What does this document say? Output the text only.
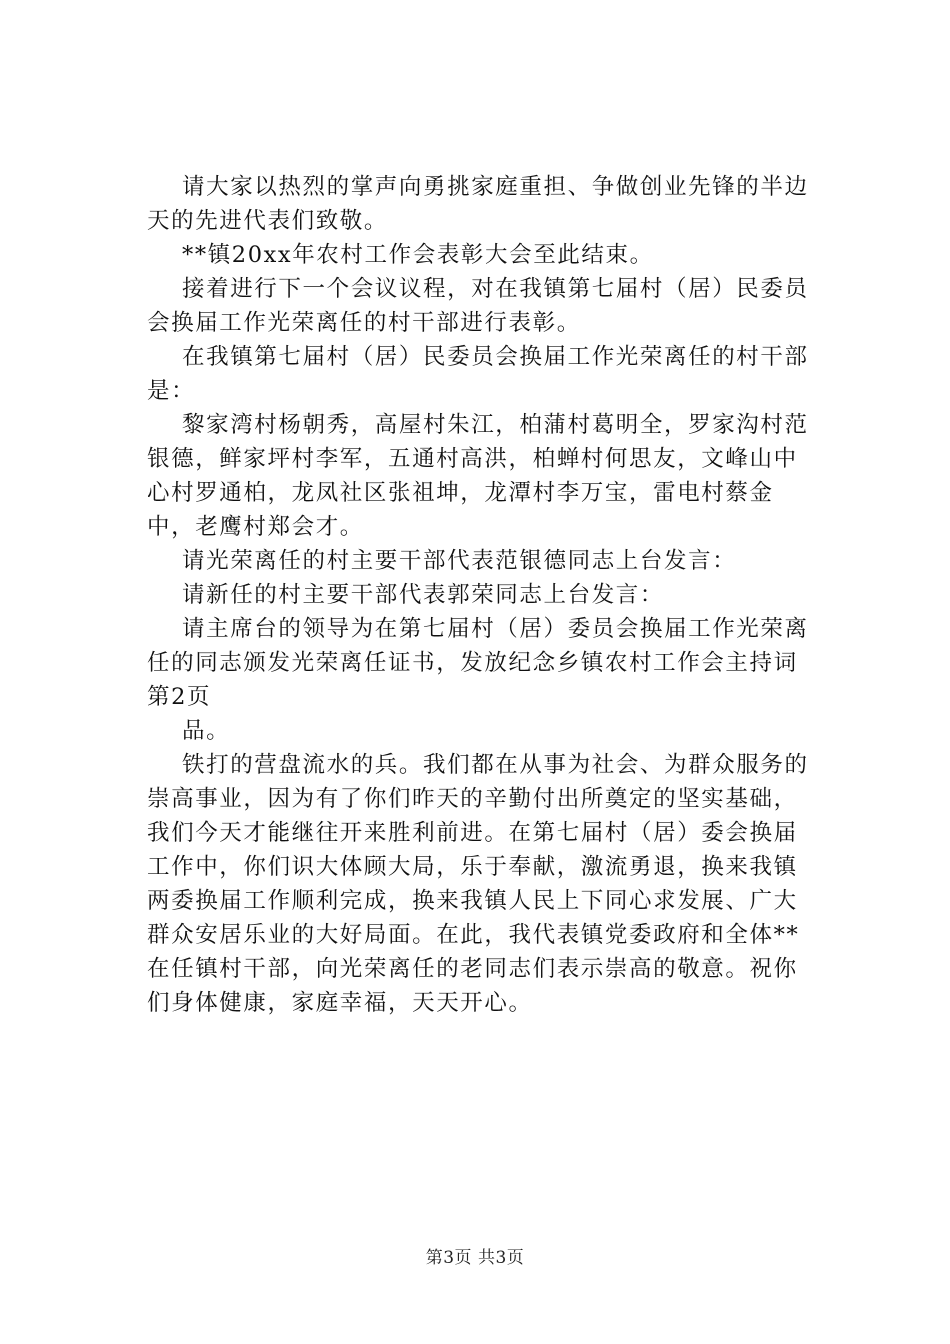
请大家以热烈的掌声向勇挑家庭重担、争做创业先锋的半边天的先进代表们致敬。

**镇20xx年农村工作会表彰大会至此结束。

接着进行下一个会议议程，对在我镇第七届村（居）民委员会换届工作光荣离任的村干部进行表彰。

在我镇第七届村（居）民委员会换届工作光荣离任的村干部是：

黎家湾村杨朝秀，高屋村朱江，柏蒲村葛明全，罗家沟村范银德，鲜家坪村李军，五通村高洪，柏蝉村何思友，文峰山中心村罗通柏，龙凤社区张祖坤，龙潭村李万宝，雷电村蔡金中，老鹰村郑会才。

请光荣离任的村主要干部代表范银德同志上台发言：

请新任的村主要干部代表郭荣同志上台发言：

请主席台的领导为在第七届村（居）委员会换届工作光荣离任的同志颁发光荣离任证书，发放纪念乡镇农村工作会主持词第2页

品。

铁打的营盘流水的兵。我们都在从事为社会、为群众服务的崇高事业，因为有了你们昨天的辛勤付出所奠定的坚实基础，我们今天才能继往开来胜利前进。在第七届村（居）委会换届工作中，你们识大体顾大局，乐于奉献，激流勇退，换来我镇两委换届工作顺利完成，换来我镇人民上下同心求发展、广大群众安居乐业的大好局面。在此，我代表镇党委政府和全体**在任镇村干部，向光荣离任的老同志们表示崇高的敬意。祝你们身体健康，家庭幸福，天天开心。

第3页 共3页
